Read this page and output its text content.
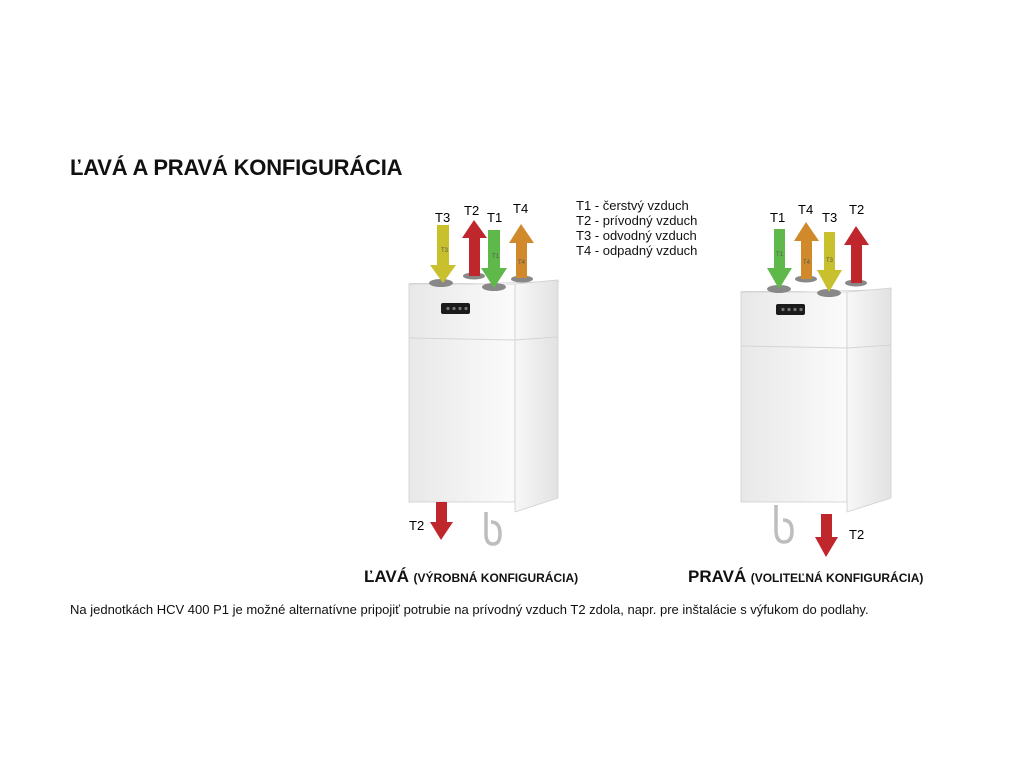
ĽAVÁ A PRAVÁ KONFIGURÁCIA
T1 - čerstvý vzduch
T2 - prívodný vzduch
T3 - odvodný vzduch
T4 - odpadný vzduch
T3
T1
T4
T3 T2 T1
T4
T2
T1
T4	T3
T1
T4
T3
T2
T2
ĽAVÁ (VÝROBNÁ KONFIGURÁCIA)	PRAVÁ (VOLITEĽNÁ KONFIGURÁCIA)
Na jednotkách HCV 400 P1 je možné alternatívne pripojiť potrubie na prívodný vzduch T2 zdola, napr. pre inštalácie s výfukom do podlahy.
